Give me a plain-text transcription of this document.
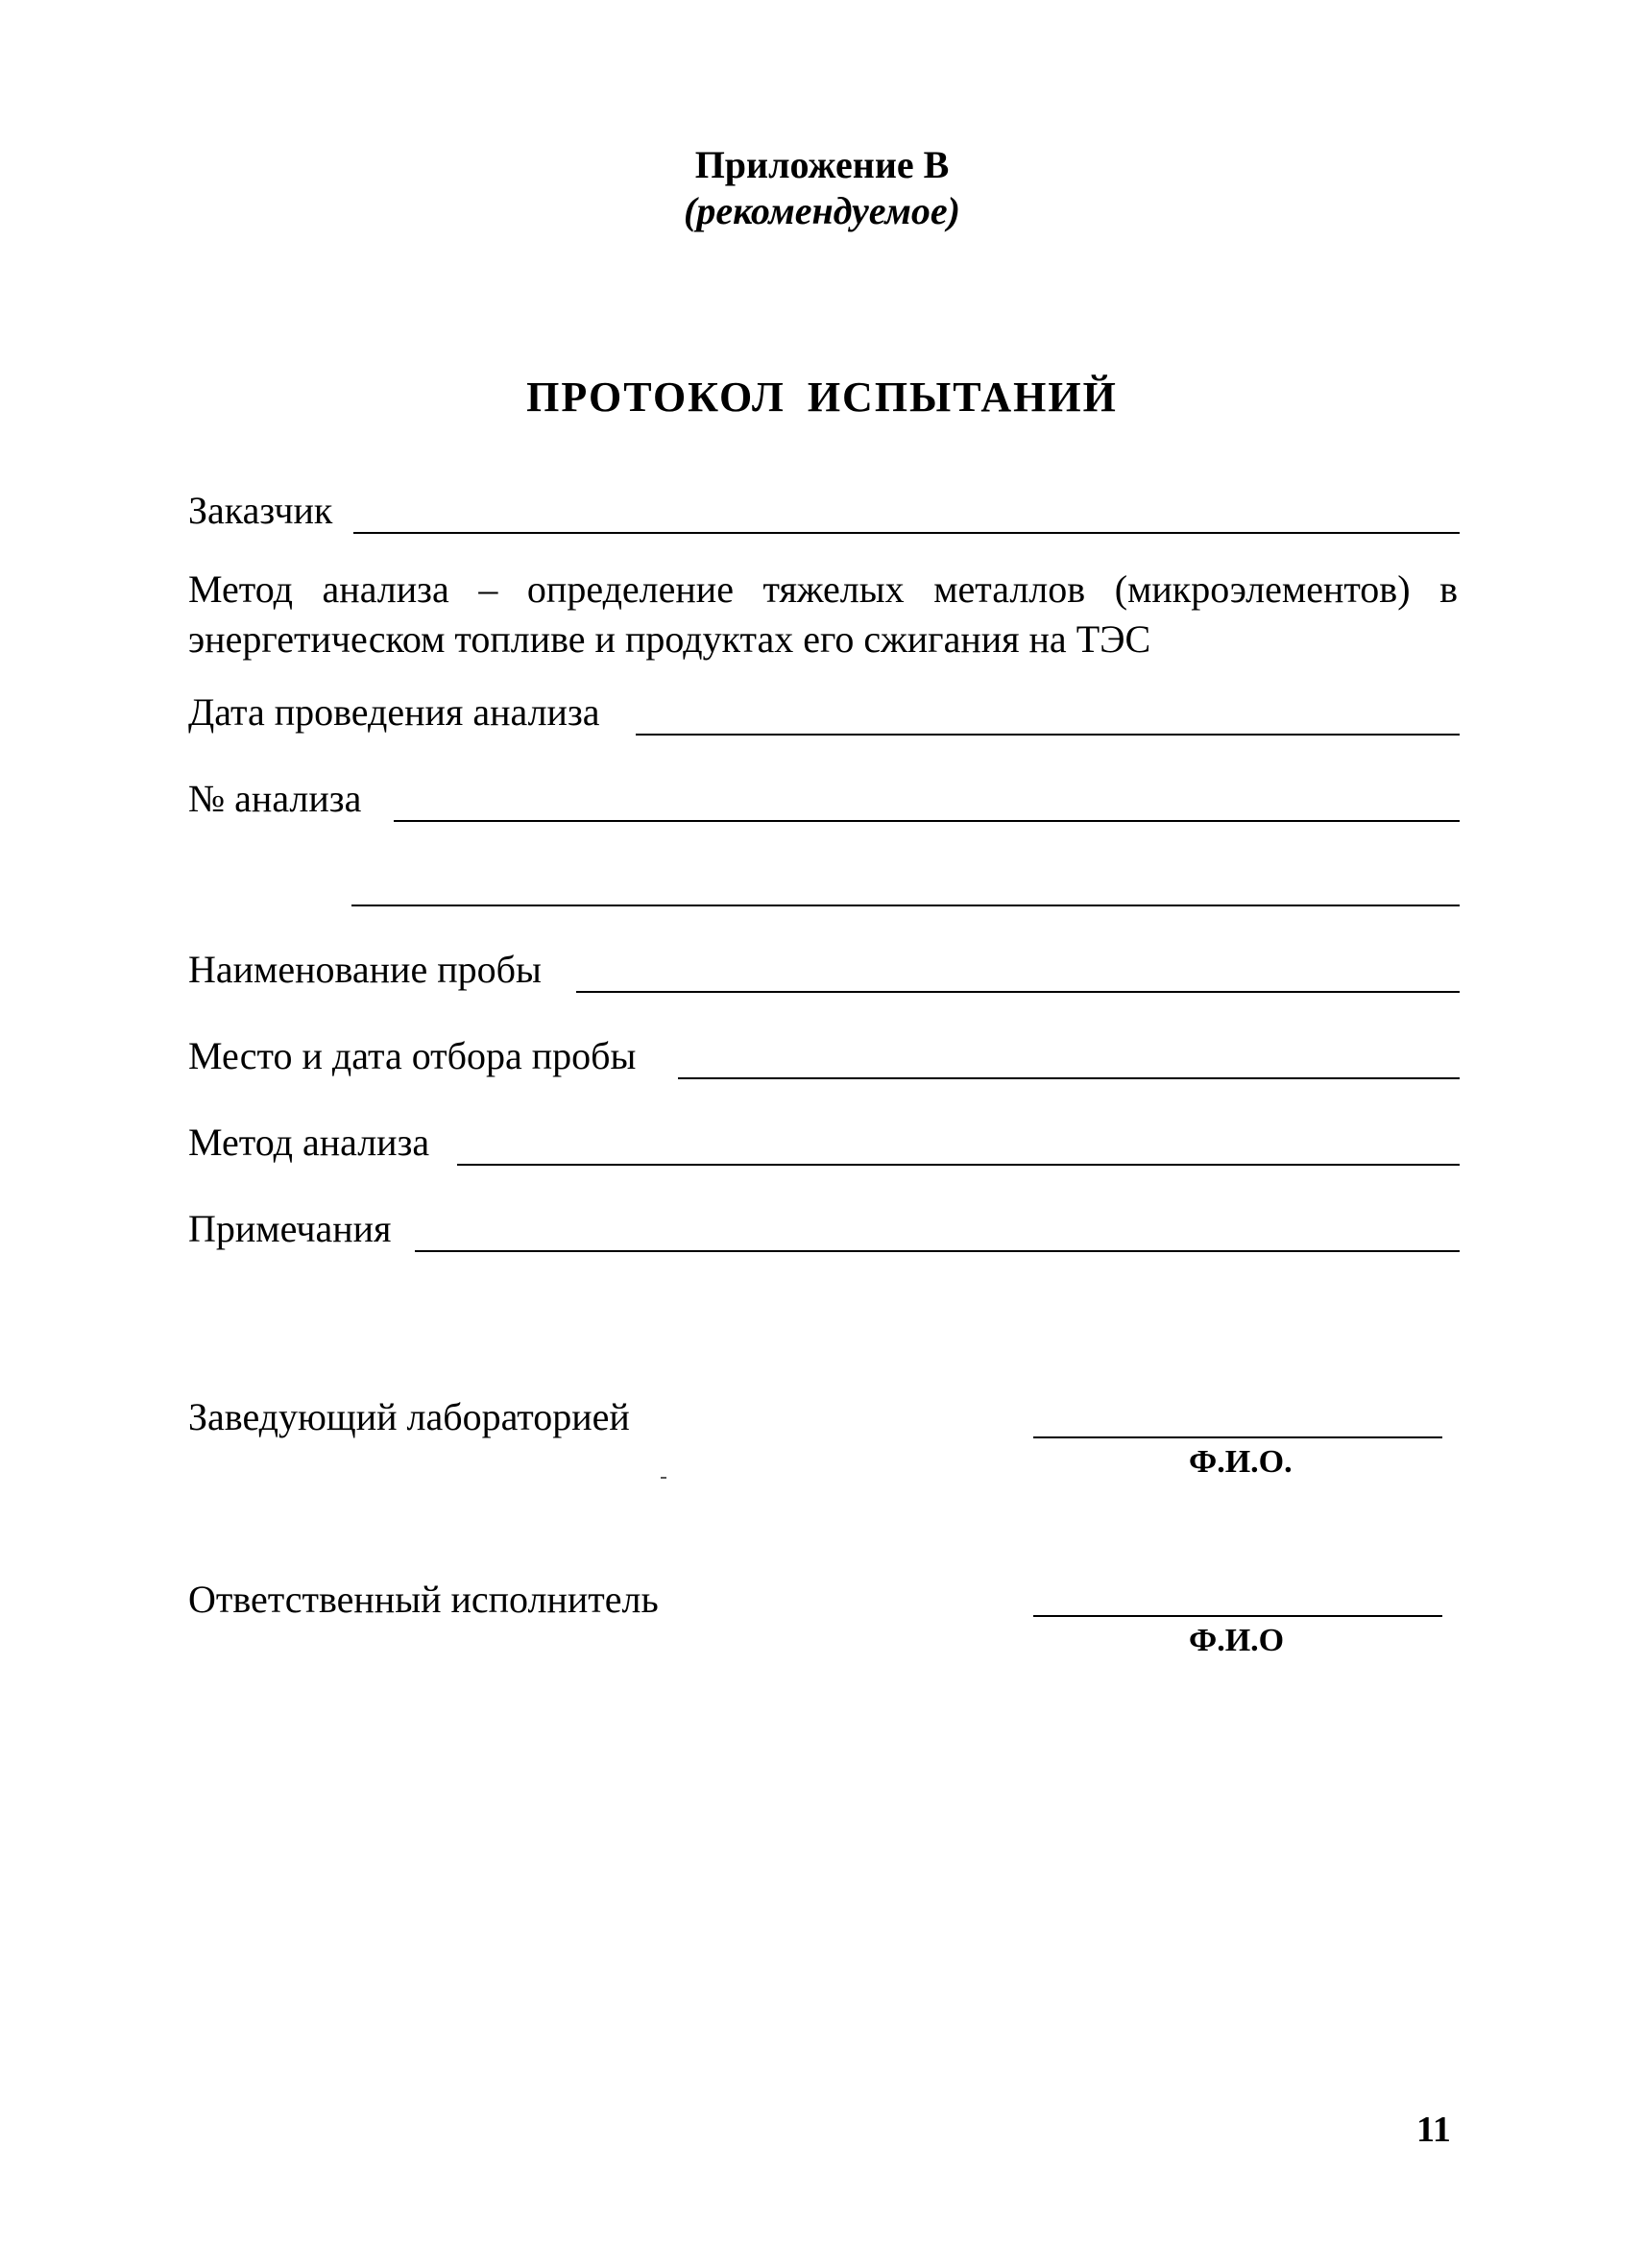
Приложение В
(рекомендуемое)
ПРОТОКОЛ ИСПЫТАНИЙ
Заказчик
Метод анализа – определение тяжелых металлов (микроэлементов) в энергетическом топливе и продуктах его сжигания на ТЭС
Дата проведения анализа
№ анализа
Наименование пробы
Место и дата отбора пробы
Метод анализа
Примечания
Заведующий лабораторией
Ф.И.О.
Ответственный исполнитель
Ф.И.О
11
